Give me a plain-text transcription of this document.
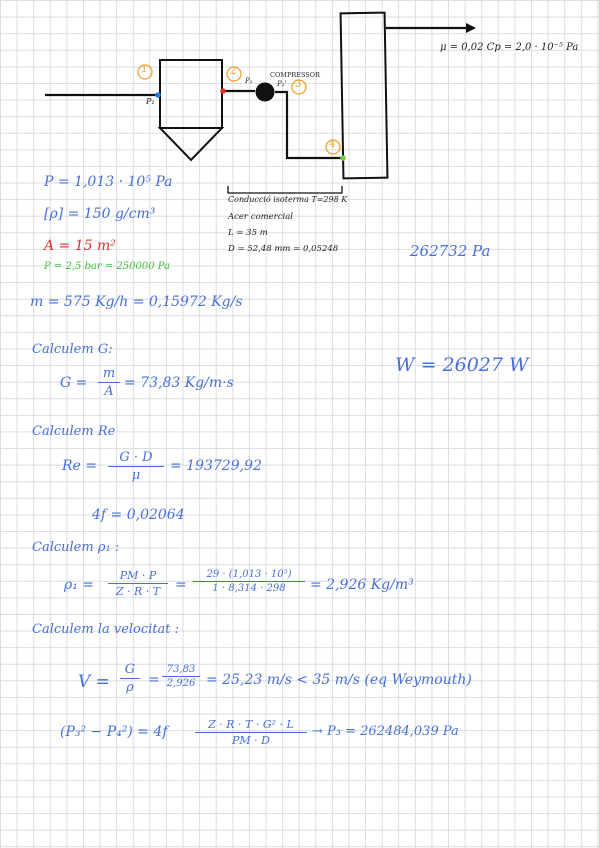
1	2
3
4
P₁
P₂	P₂'
COMPRESSOR
μ = 0,02 Cp = 2,0 · 10⁻⁵ Pa
Conducció isoterma T=298 K
Acer comercial
L = 35 m
D = 52,48 mm = 0,05248
P = 1,013 · 10⁵ Pa
[ρ] = 150 g/cm³
A = 15 m²
P = 2,5 bar = 250000 Pa
262732 Pa
m = 575 Kg/h = 0,15972 Kg/s
Calculem G:
W = 26027 W
G =
m
A
= 73,83 Kg/m·s
Calculem Re
Re =
G · D
μ
= 193729,92
4f = 0,02064
Calculem ρ₁ :
ρ₁ =
PM · P
Z · R · T	=
29 · (1,013 · 10⁵)
1 · 8,314 · 298	= 2,926 Kg/m³
Calculem la velocitat :
V =
G
ρ	=
73,83
2,926 = 25,23 m/s < 35 m/s (eq Weymouth)
(P₃² − P₄²) = 4f	Z · R · T · G² · L
PM · D
→ P₃ = 262484,039 Pa
